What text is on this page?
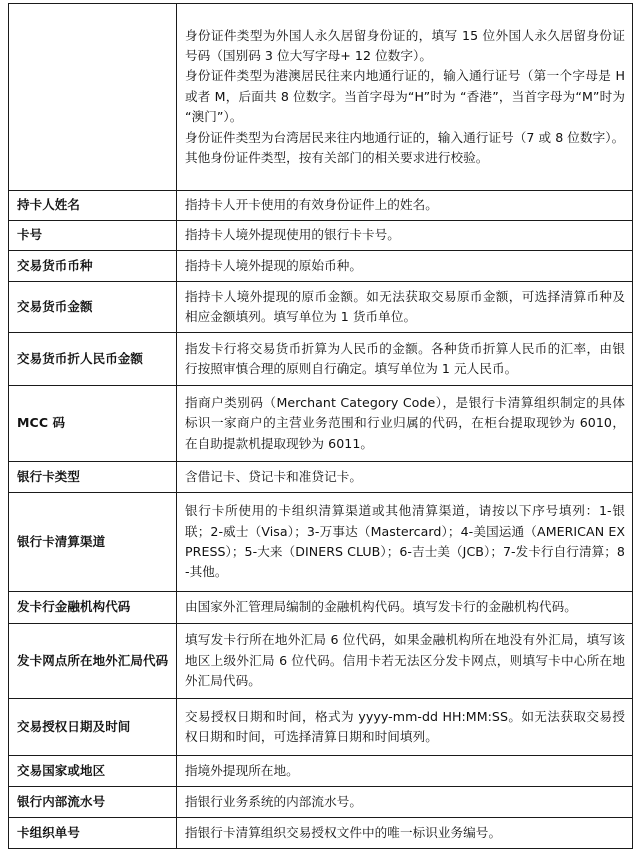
	身份证件类型为外国人永久居留身份证的，填写 15 位外国人永久居留身份证号码（国别码 3 位大写字母+ 12 位数字）。

身份证件类型为港澳居民往来内地通行证的，输入通行证号（第一个字母是 H 或者 M，后面共 8 位数字。当首字母为“H”时为 “香港”，当首字母为“M”时为 “澳门”）。

身份证件类型为台湾居民来往内地通行证的，输入通行证号（7 或 8 位数字）。

其他身份证件类型，按有关部门的相关要求进行校验。

持卡人姓名	指持卡人开卡使用的有效身份证件上的姓名。
卡号	指持卡人境外提现使用的银行卡卡号。
交易货币币种	指持卡人境外提现的原始币种。
交易货币金额	指持卡人境外提现的原币金额。如无法获取交易原币金额，可选择清算币种及相应金额填列。填写单位为 1 货币单位。
交易货币折人民币金额	指发卡行将交易货币折算为人民币的金额。各种货币折算人民币的汇率，由银行按照审慎合理的原则自行确定。填写单位为 1 元人民币。
MCC 码	指商户类别码（Merchant Category Code），是银行卡清算组织制定的具体标识一家商户的主营业务范围和行业归属的代码，在柜台提取现钞为 6010，在自助提款机提取现钞为 6011。
银行卡类型	含借记卡、贷记卡和准贷记卡。
银行卡清算渠道	银行卡所使用的卡组织清算渠道或其他清算渠道，请按以下序号填列：1-银联；2-威士（Visa）；3-万事达（Mastercard）；4-美国运通（AMERICAN EXPRESS）；5-大来（DINERS CLUB）；6-吉士美（JCB）；7-发卡行自行清算；8-其他。
发卡行金融机构代码	由国家外汇管理局编制的金融机构代码。填写发卡行的金融机构代码。
发卡网点所在地外汇局代码	填写发卡行所在地外汇局 6 位代码，如果金融机构所在地没有外汇局，填写该地区上级外汇局 6 位代码。信用卡若无法区分发卡网点，则填写卡中心所在地外汇局代码。
交易授权日期及时间	交易授权日期和时间，格式为 yyyy-mm-dd HH:MM:SS。如无法获取交易授权日期和时间，可选择清算日期和时间填列。
交易国家或地区	指境外提现所在地。
银行内部流水号	指银行业务系统的内部流水号。
卡组织单号	指银行卡清算组织交易授权文件中的唯一标识业务编号。
